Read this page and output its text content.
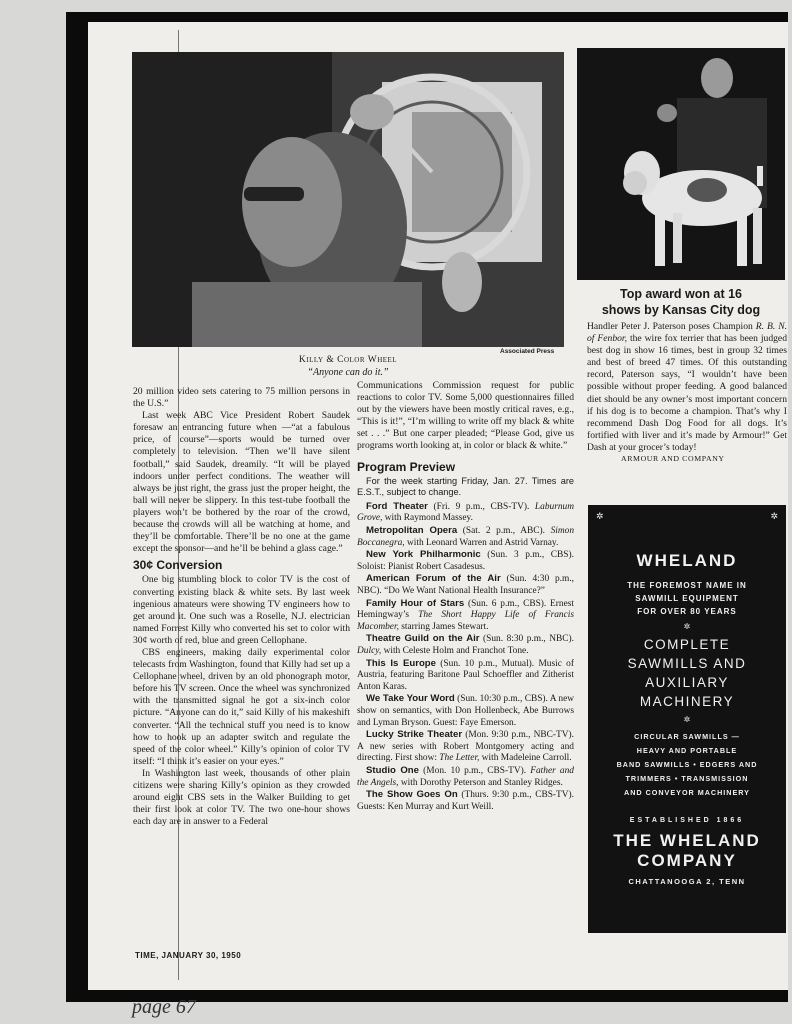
Associated Press
Killy & Color Wheel
“Anyone can do it.”

20 million video sets catering to 75 million persons in the U.S.”

Last week ABC Vice President Robert Saudek foresaw an entrancing future when —“at a fabulous price, of course”—sports would be turned over completely to television. “Then we’ll have silent football,” said Saudek, dreamily. “It will be played indoors under perfect conditions. The weather will always be just right, the grass just the proper height, the ball will never be slippery. In this test-tube football the players won’t be bothered by the roar of the crowd, because the crowds will all be watching at home, and they’ll be comfortable. There’ll be no one at the game except the sponsor—and he’ll be behind a glass cage.”

30¢ Conversion

One big stumbling block to color TV is the cost of converting existing black & white sets. By last week ingenious amateurs were showing TV engineers how to get around it. One such was a Roselle, N.J. electrician named Forrest Killy who converted his set to color with 30¢ worth of red, blue and green Cellophane.

CBS engineers, making daily experimental color telecasts from Washington, found that Killy had set up a Cellophane wheel, driven by an old phonograph motor, before his TV screen. Once the wheel was synchronized with the transmitted signal he got a six-inch color picture. “Anyone can do it,” said Killy of his makeshift converter. “All the technical stuff you need is to know how to hook up an adapter switch and regulate the speed of the color wheel.” Killy’s opinion of color TV itself: “I think it’s easier on your eyes.”

In Washington last week, thousands of other plain citizens were sharing Killy’s opinion as they crowded around eight CBS sets in the Walker Building to get their first look at color TV. The two one-hour shows each day are in answer to a Federal

Communications Commission request for public reactions to color TV. Some 5,000 questionnaires filled out by the viewers have been mostly critical raves, e.g., “This is it!”, “I’m willing to write off my black & white set . . .” But one carper pleaded; “Please God, give us programs worth looking at, in color or black & white.”

Program Preview

For the week starting Friday, Jan. 27. Times are E.S.T., subject to change.

Ford Theater (Fri. 9 p.m., CBS-TV). Laburnum Grove, with Raymond Massey.

Metropolitan Opera (Sat. 2 p.m., ABC). Simon Boccanegra, with Leonard Warren and Astrid Varnay.

New York Philharmonic (Sun. 3 p.m., CBS). Soloist: Pianist Robert Casadesus.

American Forum of the Air (Sun. 4:30 p.m., NBC). “Do We Want National Health Insurance?”

Family Hour of Stars (Sun. 6 p.m., CBS). Ernest Hemingway’s The Short Happy Life of Francis Macomber, starring James Stewart.

Theatre Guild on the Air (Sun. 8:30 p.m., NBC). Dulcy, with Celeste Holm and Franchot Tone.

This Is Europe (Sun. 10 p.m., Mutual). Music of Austria, featuring Baritone Paul Schoeffler and Zitherist Anton Karas.

We Take Your Word (Sun. 10:30 p.m., CBS). A new show on semantics, with Don Hollenbeck, Abe Burrows and Lyman Bryson. Guest: Faye Emerson.

Lucky Strike Theater (Mon. 9:30 p.m., NBC-TV). A new series with Robert Montgomery acting and directing. First show: The Letter, with Madeleine Carroll.

Studio One (Mon. 10 p.m., CBS-TV). Father and the Angels, with Dorothy Peterson and Stanley Ridges.

The Show Goes On (Thurs. 9:30 p.m., CBS-TV). Guests: Ken Murray and Kurt Weill.

Top award won at 16
shows by Kansas City dog

Handler Peter J. Paterson poses Champion R. B. N. of Fenbor, the wire fox terrier that has been judged best dog in show 16 times, best in group 32 times and best of breed 47 times. Of this outstanding record, Paterson says, “I wouldn’t have been possible without proper feeding. A good balanced diet should be any owner’s most important concern if his dog is to become a champion. That’s why I recommend Dash Dog Food for all dogs. It’s fortified with liver and it’s made by Armour!” Get Dash at your grocer’s today!

ARMOUR AND COMPANY

✲	✲
WHELAND
THE FOREMOST NAME IN
SAWMILL EQUIPMENT
FOR OVER 80 YEARS
✲
COMPLETE
SAWMILLS AND
AUXILIARY
MACHINERY
✲
CIRCULAR SAWMILLS —
HEAVY AND PORTABLE
BAND SAWMILLS • EDGERS AND
TRIMMERS • TRANSMISSION
AND CONVEYOR MACHINERY
ESTABLISHED 1866
THE WHELAND
COMPANY
CHATTANOOGA 2, TENN
TIME, JANUARY 30, 1950
page 67
